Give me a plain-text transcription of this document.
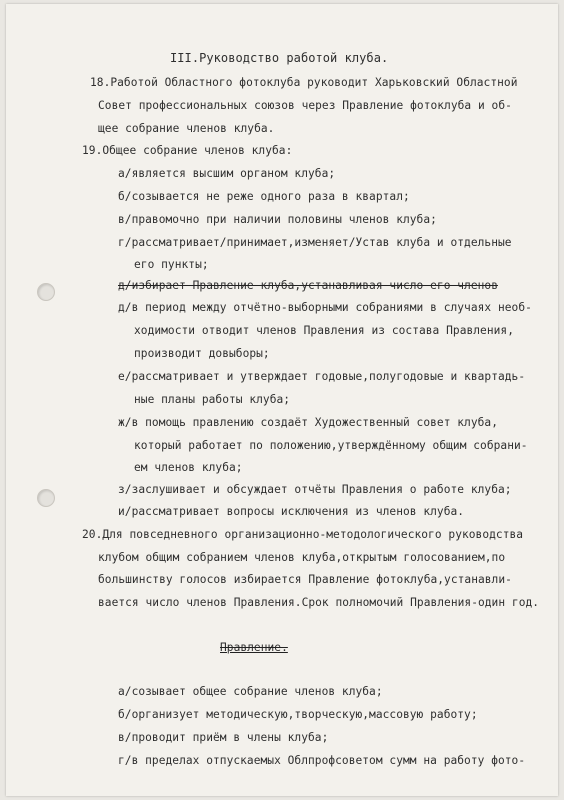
III.Руководство работой клуба.
18.Работой Областного фотоклуба руководит Харьковский Областной
Совет профессиональных союзов через Правление фотоклуба и об-
щее собрание членов клуба.
19.Общее собрание членов клуба:
а/является высшим органом клуба;
б/созывается не реже одного раза в квартал;
в/правомочно при наличии половины членов клуба;
г/рассматривает/принимает,изменяет/Устав клуба и отдельные
его пункты;
д/избирает Правление клуба,устанавливая число его членов
д/в период между отчётно-выборными собраниями в случаях необ-
ходимости отводит членов Правления из состава Правления,
производит довыборы;
е/рассматривает и утверждает годовые,полугодовые и квартадь-
ные планы работы клуба;
ж/в помощь правлению создаёт Художественный совет клуба,
который работает по положению,утверждённому общим собрани-
ем членов клуба;
з/заслушивает и обсуждает отчёты Правления о работе клуба;
и/рассматривает вопросы исключения из членов клуба.
20.Для повседневного организационно-методологического руководства
клубом общим собранием членов клуба,открытым голосованием,по
большинству голосов избирается Правление фотоклуба,устанавли-
вается число членов Правления.Срок полномочий Правления-один год.
Правление.
а/созывает общее собрание членов клуба;
б/организует методическую,творческую,массовую работу;
в/проводит приём в члены клуба;
г/в пределах отпускаемых Облпрофсоветом сумм на работу фото-
